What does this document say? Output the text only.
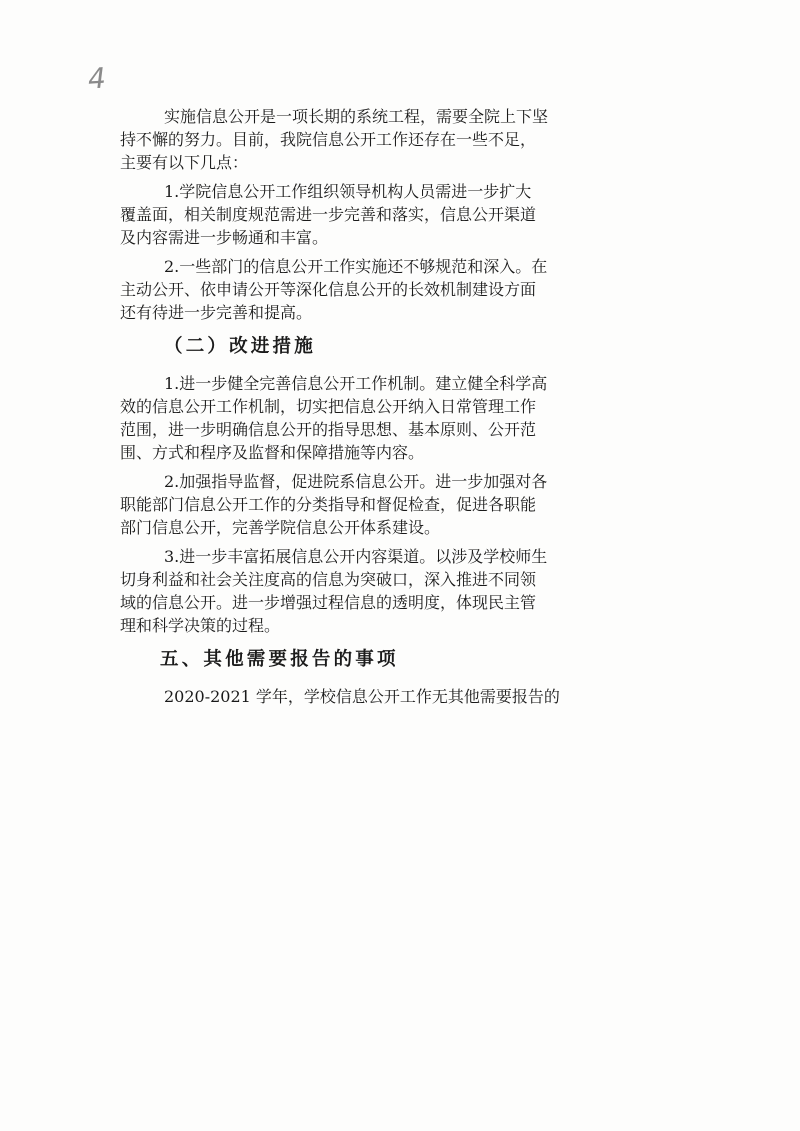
4
实施信息公开是一项长期的系统工程，需要全院上下坚
持不懈的努力。目前，我院信息公开工作还存在一些不足，
主要有以下几点：
1.学院信息公开工作组织领导机构人员需进一步扩大
覆盖面，相关制度规范需进一步完善和落实，信息公开渠道
及内容需进一步畅通和丰富。
2.一些部门的信息公开工作实施还不够规范和深入。在
主动公开、依申请公开等深化信息公开的长效机制建设方面
还有待进一步完善和提高。
（二）改进措施
1.进一步健全完善信息公开工作机制。建立健全科学高
效的信息公开工作机制，切实把信息公开纳入日常管理工作
范围，进一步明确信息公开的指导思想、基本原则、公开范
围、方式和程序及监督和保障措施等内容。
2.加强指导监督，促进院系信息公开。进一步加强对各
职能部门信息公开工作的分类指导和督促检查，促进各职能
部门信息公开，完善学院信息公开体系建设。
3.进一步丰富拓展信息公开内容渠道。以涉及学校师生
切身利益和社会关注度高的信息为突破口，深入推进不同领
域的信息公开。进一步增强过程信息的透明度，体现民主管
理和科学决策的过程。
五、其他需要报告的事项
2020-2021 学年，学校信息公开工作无其他需要报告的
